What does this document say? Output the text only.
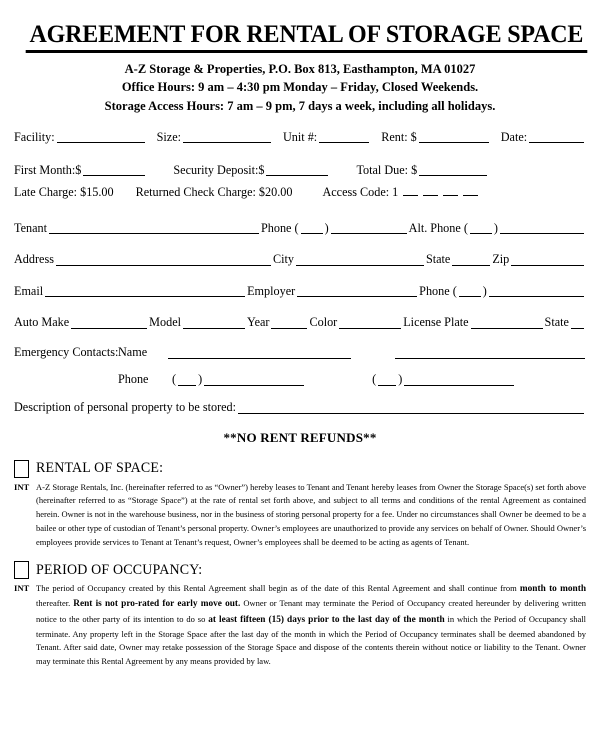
AGREEMENT FOR RENTAL OF STORAGE SPACE
A-Z Storage & Properties, P.O. Box 813, Easthampton, MA 01027
Office Hours: 9 am – 4:30 pm Monday – Friday, Closed Weekends.
Storage Access Hours: 7 am – 9 pm, 7 days a week, including all holidays.
Facility:	Size:	Unit #:	Rent: $	Date:
First Month:$	Security Deposit:$	Total Due: $
Late Charge: $15.00 Returned Check Charge: $20.00 Access Code: 1
Tenant	Phone ( )	Alt. Phone ( )
Address	City	State	Zip
Email	Employer	Phone ( )
Auto Make	Model	Year	Color	License Plate	State
Emergency Contacts: Name
Phone	( )	( )
Description of personal property to be stored:
**NO RENT REFUNDS**
RENTAL OF SPACE:
INT A-Z Storage Rentals, Inc. (hereinafter referred to as “Owner”) hereby leases to Tenant and Tenant hereby leases from Owner the Storage Space(s) set forth above (hereinafter referred to as “Storage Space”) at the rate of rental set forth above, and subject to all terms and conditions of the rental Agreement as contained herein. Owner is not in the warehouse business, nor in the business of storing personal property for a fee. Under no circumstances shall Owner be deemed to be a bailee or other type of custodian of Tenant’s personal property. Owner’s employees are unauthorized to provide any services on behalf of Owner. Should Owner’s employees provide services to Tenant at Tenant’s request, Owner’s employees shall be deemed to be acting as agents of Tenant.
PERIOD OF OCCUPANCY:
INT The period of Occupancy created by this Rental Agreement shall begin as of the date of this Rental Agreement and shall continue from month to month thereafter. Rent is not pro-rated for early move out. Owner or Tenant may terminate the Period of Occupancy created hereunder by delivering written notice to the other party of its intention to do so at least fifteen (15) days prior to the last day of the month in which the Period of Occupancy shall terminate. Any property left in the Storage Space after the last day of the month in which the Period of Occupancy terminates shall be deemed abandoned by Tenant. After said date, Owner may retake possession of the Storage Space and dispose of the contents therein without notice or liability to the Tenant. Owner may terminate this Rental Agreement by any means provided by law.
